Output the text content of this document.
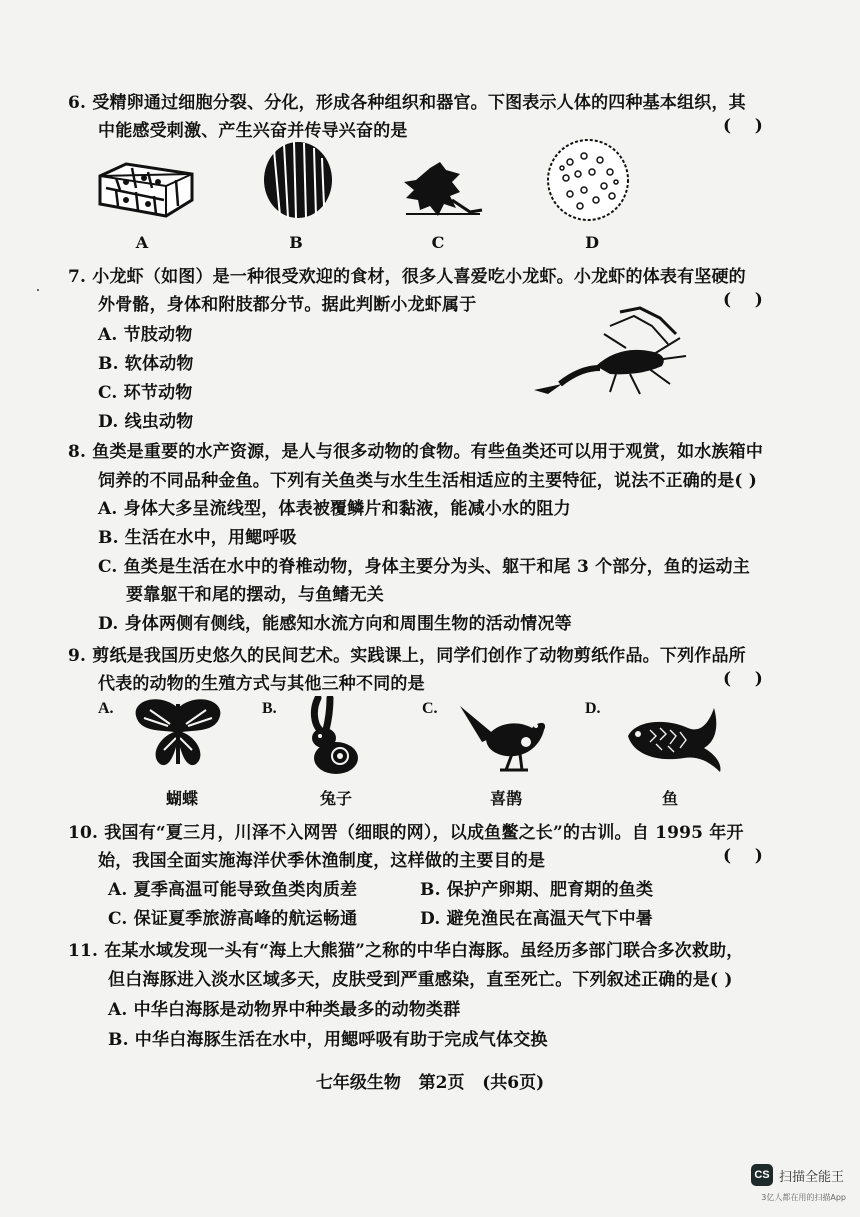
6. 受精卵通过细胞分裂、分化，形成各种组织和器官。下图表示人体的四种基本组织，其
中能感受刺激、产生兴奋并传导兴奋的是	(    )
A	B	C	D
7. 小龙虾（如图）是一种很受欢迎的食材，很多人喜爱吃小龙虾。小龙虾的体表有坚硬的
外骨骼，身体和附肢都分节。据此判断小龙虾属于	(    )
A. 节肢动物
B. 软体动物
C. 环节动物
D. 线虫动物
8. 鱼类是重要的水产资源，是人与很多动物的食物。有些鱼类还可以用于观赏，如水族箱中
饲养的不同品种金鱼。下列有关鱼类与水生生活相适应的主要特征，说法不正确的是( )
A. 身体大多呈流线型，体表被覆鳞片和黏液，能减小水的阻力
B. 生活在水中，用鳃呼吸
C. 鱼类是生活在水中的脊椎动物，身体主要分为头、躯干和尾 3 个部分，鱼的运动主
要靠躯干和尾的摆动，与鱼鳍无关
D. 身体两侧有侧线，能感知水流方向和周围生物的活动情况等
9. 剪纸是我国历史悠久的民间艺术。实践课上，同学们创作了动物剪纸作品。下列作品所
代表的动物的生殖方式与其他三种不同的是	(    )
A.	B.	C.	D.
蝴蝶	兔子	喜鹊	鱼
10. 我国有“夏三月，川泽不入网罟（细眼的网），以成鱼鳖之长”的古训。自 1995 年开
始，我国全面实施海洋伏季休渔制度，这样做的主要目的是	(    )
A. 夏季高温可能导致鱼类肉质差	B. 保护产卵期、肥育期的鱼类
C. 保证夏季旅游高峰的航运畅通	D. 避免渔民在高温天气下中暑
11. 在某水域发现一头有“海上大熊猫”之称的中华白海豚。虽经历多部门联合多次救助，
但白海豚进入淡水区域多天，皮肤受到严重感染，直至死亡。下列叙述正确的是( )
A. 中华白海豚是动物界中种类最多的动物类群
B. 中华白海豚生活在水中，用鳃呼吸有助于完成气体交换
七年级生物   第2页   (共6页)
CS 扫描全能王
3亿人都在用的扫描App
